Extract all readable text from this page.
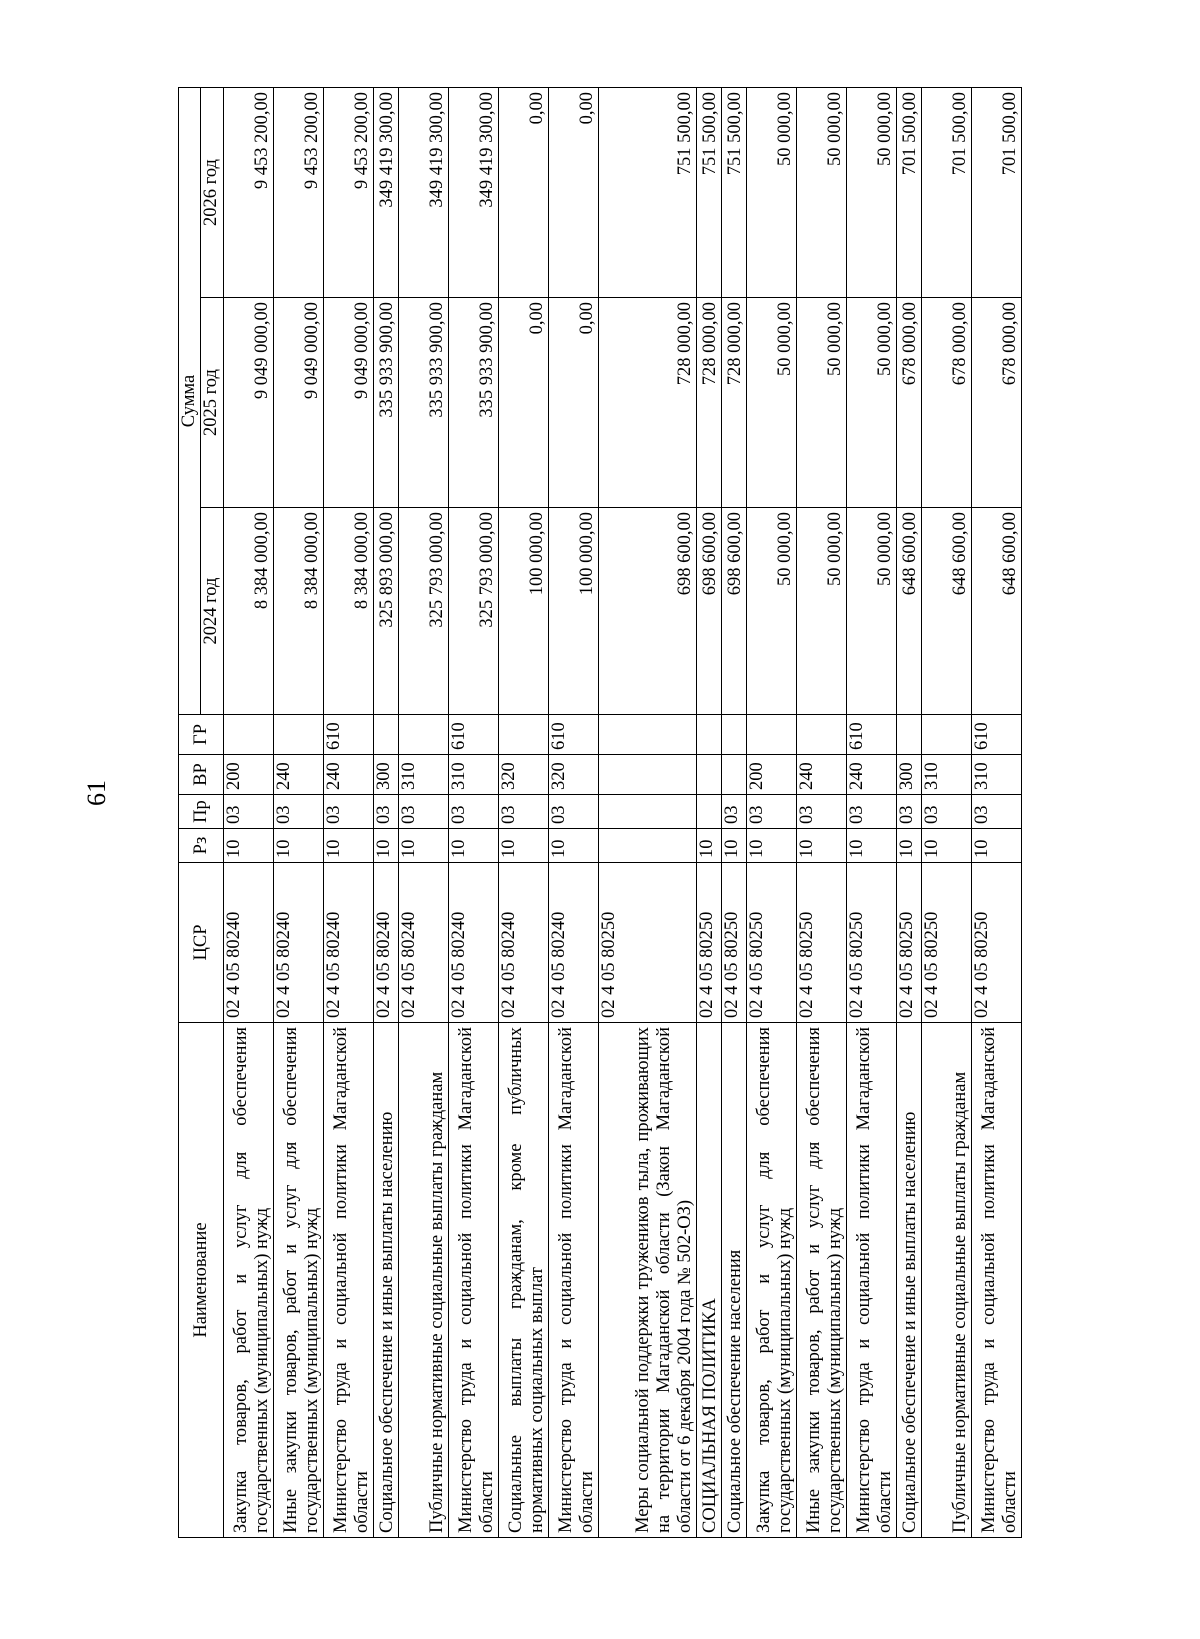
61
Наименование	ЦСР	Рз	Пр	ВР	ГР	Сумма		
						2024 год	2025 год	2026 год
Закупка товаров, работ и услуг для обеспечения государственных (муниципальных) нужд	02 4 05 80240	10	03	200		8 384 000,00	9 049 000,00	9 453 200,00
Иные закупки товаров, работ и услуг для обеспечения государственных (муниципальных) нужд	02 4 05 80240	10	03	240		8 384 000,00	9 049 000,00	9 453 200,00
Министерство труда и социальной политики Магаданской области	02 4 05 80240	10	03	240	610	8 384 000,00	9 049 000,00	9 453 200,00
Социальное обеспечение и иные выплаты населению	02 4 05 80240	10	03	300		325 893 000,00	335 933 900,00	349 419 300,00
Публичные нормативные социальные выплаты гражданам	02 4 05 80240	10	03	310		325 793 000,00	335 933 900,00	349 419 300,00
Министерство труда и социальной политики Магаданской области	02 4 05 80240	10	03	310	610	325 793 000,00	335 933 900,00	349 419 300,00
Социальные выплаты гражданам, кроме публичных нормативных социальных выплат	02 4 05 80240	10	03	320		100 000,00	0,00	0,00
Министерство труда и социальной политики Магаданской области	02 4 05 80240	10	03	320	610	100 000,00	0,00	0,00
Меры социальной поддержки тружеников тыла, проживающих на территории Магаданской области (Закон Магаданской области от 6 декабря 2004 года № 502-ОЗ)	02 4 05 80250					698 600,00	728 000,00	751 500,00
СОЦИАЛЬНАЯ ПОЛИТИКА	02 4 05 80250	10				698 600,00	728 000,00	751 500,00
Социальное обеспечение населения	02 4 05 80250	10	03			698 600,00	728 000,00	751 500,00
Закупка товаров, работ и услуг для обеспечения государственных (муниципальных) нужд	02 4 05 80250	10	03	200		50 000,00	50 000,00	50 000,00
Иные закупки товаров, работ и услуг для обеспечения государственных (муниципальных) нужд	02 4 05 80250	10	03	240		50 000,00	50 000,00	50 000,00
Министерство труда и социальной политики Магаданской области	02 4 05 80250	10	03	240	610	50 000,00	50 000,00	50 000,00
Социальное обеспечение и иные выплаты населению	02 4 05 80250	10	03	300		648 600,00	678 000,00	701 500,00
Публичные нормативные социальные выплаты гражданам	02 4 05 80250	10	03	310		648 600,00	678 000,00	701 500,00
Министерство труда и социальной политики Магаданской области	02 4 05 80250	10	03	310	610	648 600,00	678 000,00	701 500,00
